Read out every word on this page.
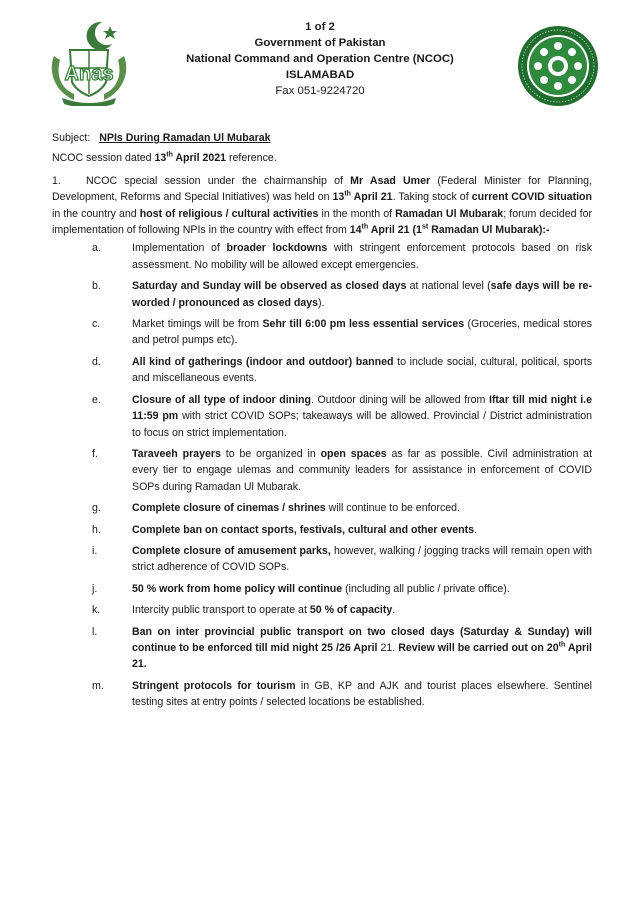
Anas
1 of 2
Government of Pakistan
National Command and Operation Centre (NCOC)
ISLAMABAD
Fax 051-9224720
Subject: NPIs During Ramadan Ul Mubarak
NCOC session dated 13th April 2021 reference.
1. NCOC special session under the chairmanship of Mr Asad Umer (Federal Minister for Planning, Development, Reforms and Special Initiatives) was held on 13th April 21. Taking stock of current COVID situation in the country and host of religious / cultural activities in the month of Ramadan Ul Mubarak; forum decided for implementation of following NPIs in the country with effect from 14th April 21 (1st Ramadan Ul Mubarak):-
a.	Implementation of broader lockdowns with stringent enforcement protocols based on risk assessment. No mobility will be allowed except emergencies.
b.	Saturday and Sunday will be observed as closed days at national level (safe days will be re-worded / pronounced as closed days).
c.	Market timings will be from Sehr till 6:00 pm less essential services (Groceries, medical stores and petrol pumps etc).
d.	All kind of gatherings (indoor and outdoor) banned to include social, cultural, political, sports and miscellaneous events.
e.	Closure of all type of indoor dining. Outdoor dining will be allowed from Iftar till mid night i.e 11:59 pm with strict COVID SOPs; takeaways will be allowed. Provincial / District administration to focus on strict implementation.
f.	Taraveeh prayers to be organized in open spaces as far as possible. Civil administration at every tier to engage ulemas and community leaders for assistance in enforcement of COVID SOPs during Ramadan Ul Mubarak.
g.	Complete closure of cinemas / shrines will continue to be enforced.
h.	Complete ban on contact sports, festivals, cultural and other events.
i.	Complete closure of amusement parks, however, walking / jogging tracks will remain open with strict adherence of COVID SOPs.
j.	50 % work from home policy will continue (including all public / private office).
k.	Intercity public transport to operate at 50 % of capacity.
l.	Ban on inter provincial public transport on two closed days (Saturday & Sunday) will continue to be enforced till mid night 25 /26 April 21. Review will be carried out on 20th April 21.
m.	Stringent protocols for tourism in GB, KP and AJK and tourist places elsewhere. Sentinel testing sites at entry points / selected locations be established.
